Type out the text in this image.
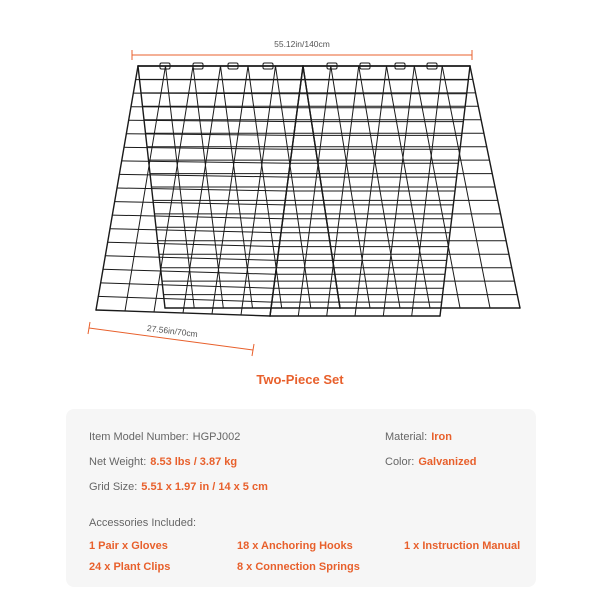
55.12in/140cm
27.56in/70cm
Two-Piece Set
Item Model Number: HGPJ002
Net Weight: 8.53 lbs / 3.87 kg
Grid Size: 5.51 x 1.97 in / 14 x 5 cm
Material: Iron
Color: Galvanized
Accessories Included:
1 Pair x Gloves	18 x Anchoring Hooks	1 x Instruction Manual
24 x Plant Clips	8 x Connection Springs
